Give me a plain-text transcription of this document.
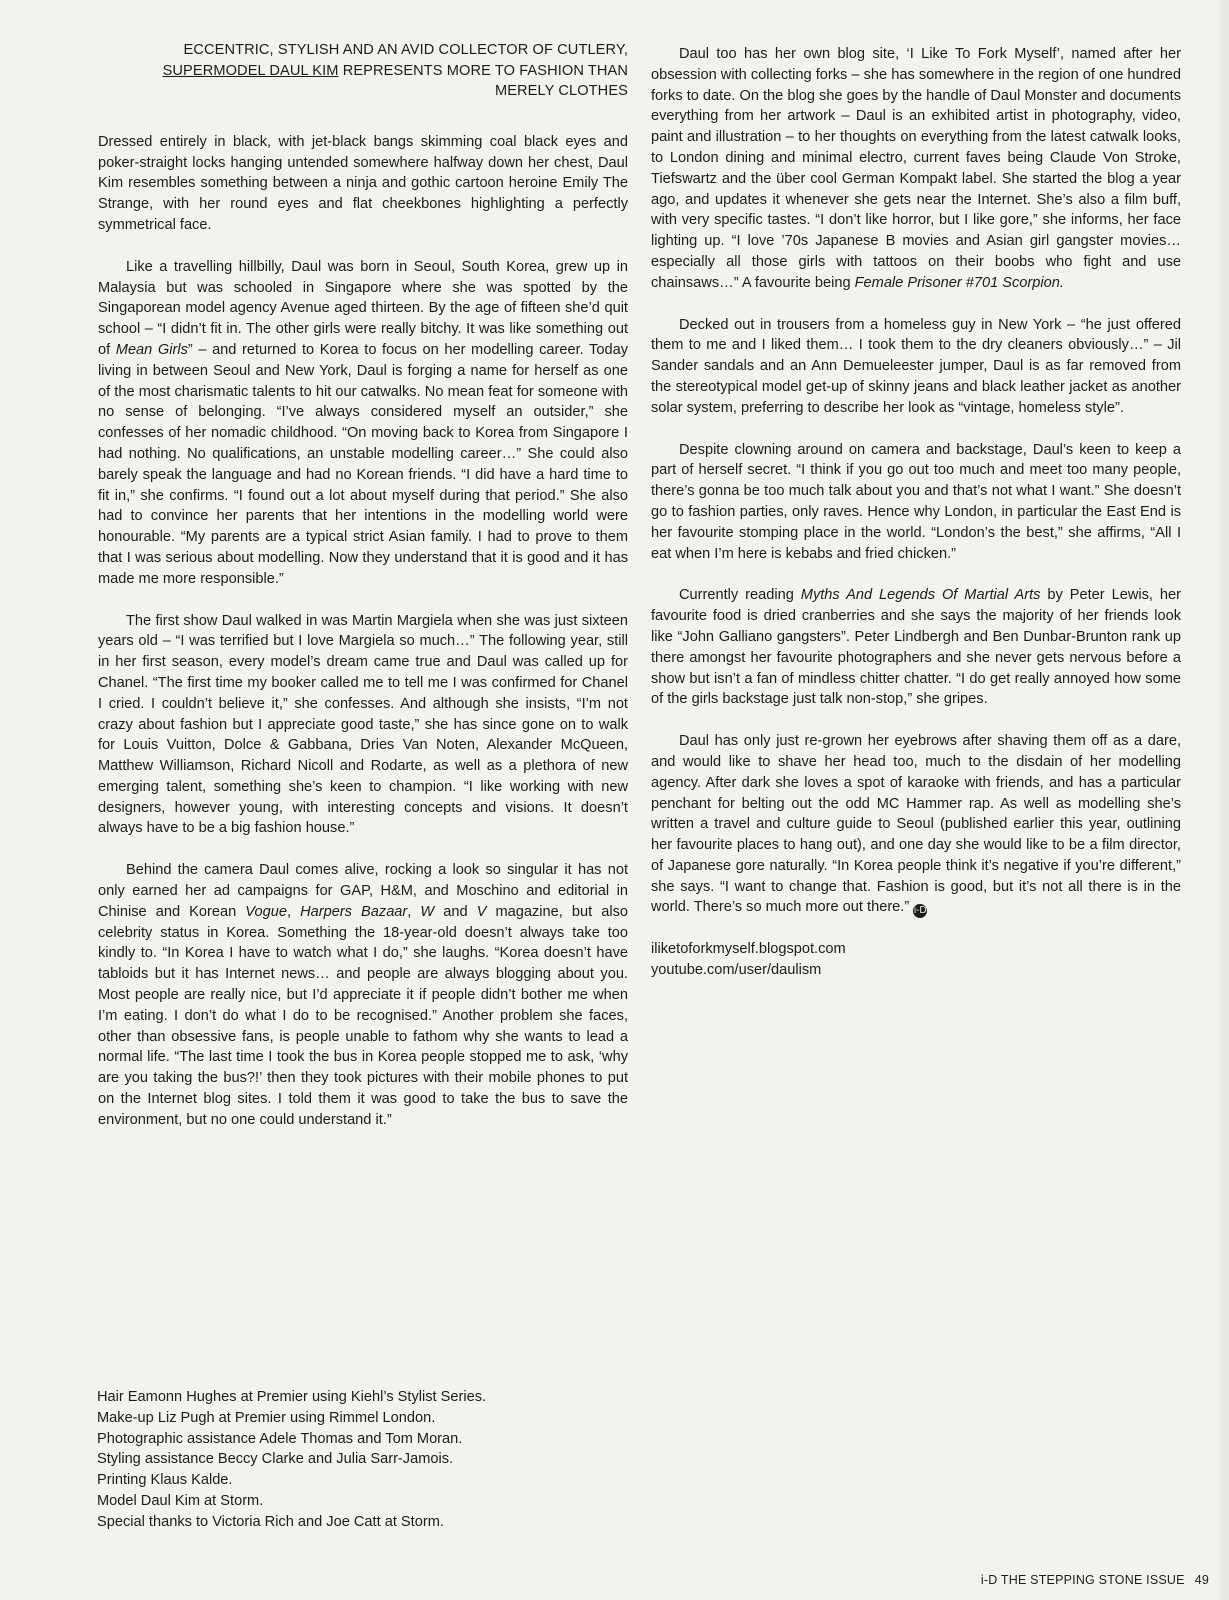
ECCENTRIC, STYLISH AND AN AVID COLLECTOR OF CUTLERY,
SUPERMODEL DAUL KIM REPRESENTS MORE TO FASHION THAN
MERELY CLOTHES

Dressed entirely in black, with jet-black bangs skimming coal black eyes and poker-straight locks hanging untended somewhere halfway down her chest, Daul Kim resembles something between a ninja and gothic cartoon heroine Emily The Strange, with her round eyes and flat cheekbones highlighting a perfectly symmetrical face.

Like a travelling hillbilly, Daul was born in Seoul, South Korea, grew up in Malaysia but was schooled in Singapore where she was spotted by the Singaporean model agency Avenue aged thirteen. By the age of fifteen she’d quit school – “I didn’t fit in. The other girls were really bitchy. It was like something out of Mean Girls” – and returned to Korea to focus on her modelling career. Today living in between Seoul and New York, Daul is forging a name for herself as one of the most charismatic talents to hit our catwalks. No mean feat for someone with no sense of belonging. “I’ve always considered myself an outsider,” she confesses of her nomadic childhood. “On moving back to Korea from Singapore I had nothing. No qualifications, an unstable modelling career…” She could also barely speak the language and had no Korean friends. “I did have a hard time to fit in,” she confirms. “I found out a lot about myself during that period.” She also had to convince her parents that her intentions in the modelling world were honourable. “My parents are a typical strict Asian family. I had to prove to them that I was serious about modelling. Now they understand that it is good and it has made me more responsible.”

The first show Daul walked in was Martin Margiela when she was just sixteen years old – “I was terrified but I love Margiela so much…” The following year, still in her first season, every model’s dream came true and Daul was called up for Chanel. “The first time my booker called me to tell me I was confirmed for Chanel I cried. I couldn’t believe it,” she confesses. And although she insists, “I’m not crazy about fashion but I appreciate good taste,” she has since gone on to walk for Louis Vuitton, Dolce & Gabbana, Dries Van Noten, Alexander McQueen, Matthew Williamson, Richard Nicoll and Rodarte, as well as a plethora of new emerging talent, something she’s keen to champion. “I like working with new designers, however young, with interesting concepts and visions. It doesn’t always have to be a big fashion house.”

Behind the camera Daul comes alive, rocking a look so singular it has not only earned her ad campaigns for GAP, H&M, and Moschino and editorial in Chinise and Korean Vogue, Harpers Bazaar, W and V magazine, but also celebrity status in Korea. Something the 18-year-old doesn’t always take too kindly to. “In Korea I have to watch what I do,” she laughs. “Korea doesn’t have tabloids but it has Internet news… and people are always blogging about you. Most people are really nice, but I’d appreciate it if people didn’t bother me when I’m eating. I don’t do what I do to be recognised.” Another problem she faces, other than obsessive fans, is people unable to fathom why she wants to lead a normal life. “The last time I took the bus in Korea people stopped me to ask, ‘why are you taking the bus?!’ then they took pictures with their mobile phones to put on the Internet blog sites. I told them it was good to take the bus to save the environment, but no one could understand it.”

Daul too has her own blog site, ‘I Like To Fork Myself’, named after her obsession with collecting forks – she has somewhere in the region of one hundred forks to date. On the blog she goes by the handle of Daul Monster and documents everything from her artwork – Daul is an exhibited artist in photography, video, paint and illustration – to her thoughts on everything from the latest catwalk looks, to London dining and minimal electro, current faves being Claude Von Stroke, Tiefswartz and the über cool German Kompakt label. She started the blog a year ago, and updates it whenever she gets near the Internet. She’s also a film buff, with very specific tastes. “I don’t like horror, but I like gore,” she informs, her face lighting up. “I love ’70s Japanese B movies and Asian girl gangster movies… especially all those girls with tattoos on their boobs who fight and use chainsaws…” A favourite being Female Prisoner #701 Scorpion.

Decked out in trousers from a homeless guy in New York – “he just offered them to me and I liked them… I took them to the dry cleaners obviously…” – Jil Sander sandals and an Ann Demueleester jumper, Daul is as far removed from the stereotypical model get-up of skinny jeans and black leather jacket as another solar system, preferring to describe her look as “vintage, homeless style”.

Despite clowning around on camera and backstage, Daul’s keen to keep a part of herself secret. “I think if you go out too much and meet too many people, there’s gonna be too much talk about you and that’s not what I want.” She doesn’t go to fashion parties, only raves. Hence why London, in particular the East End is her favourite stomping place in the world. “London’s the best,” she affirms, “All I eat when I’m here is kebabs and fried chicken.”

Currently reading Myths And Legends Of Martial Arts by Peter Lewis, her favourite food is dried cranberries and she says the majority of her friends look like “John Galliano gangsters”. Peter Lindbergh and Ben Dunbar-Brunton rank up there amongst her favourite photographers and she never gets nervous before a show but isn’t a fan of mindless chitter chatter. “I do get really annoyed how some of the girls backstage just talk non-stop,” she gripes.

Daul has only just re-grown her eyebrows after shaving them off as a dare, and would like to shave her head too, much to the disdain of her modelling agency. After dark she loves a spot of karaoke with friends, and has a particular penchant for belting out the odd MC Hammer rap. As well as modelling she’s written a travel and culture guide to Seoul (published earlier this year, outlining her favourite places to hang out), and one day she would like to be a film director, of Japanese gore naturally. “In Korea people think it’s negative if you’re different,” she says. “I want to change that. Fashion is good, but it’s not all there is in the world. There’s so much more out there.” i-D

iliketoforkmyself.blogspot.com
youtube.com/user/daulism
Hair Eamonn Hughes at Premier using Kiehl’s Stylist Series.
Make-up Liz Pugh at Premier using Rimmel London.
Photographic assistance Adele Thomas and Tom Moran.
Styling assistance Beccy Clarke and Julia Sarr-Jamois.
Printing Klaus Kalde.
Model Daul Kim at Storm.
Special thanks to Victoria Rich and Joe Catt at Storm.
i-D THE STEPPING STONE ISSUE 49
